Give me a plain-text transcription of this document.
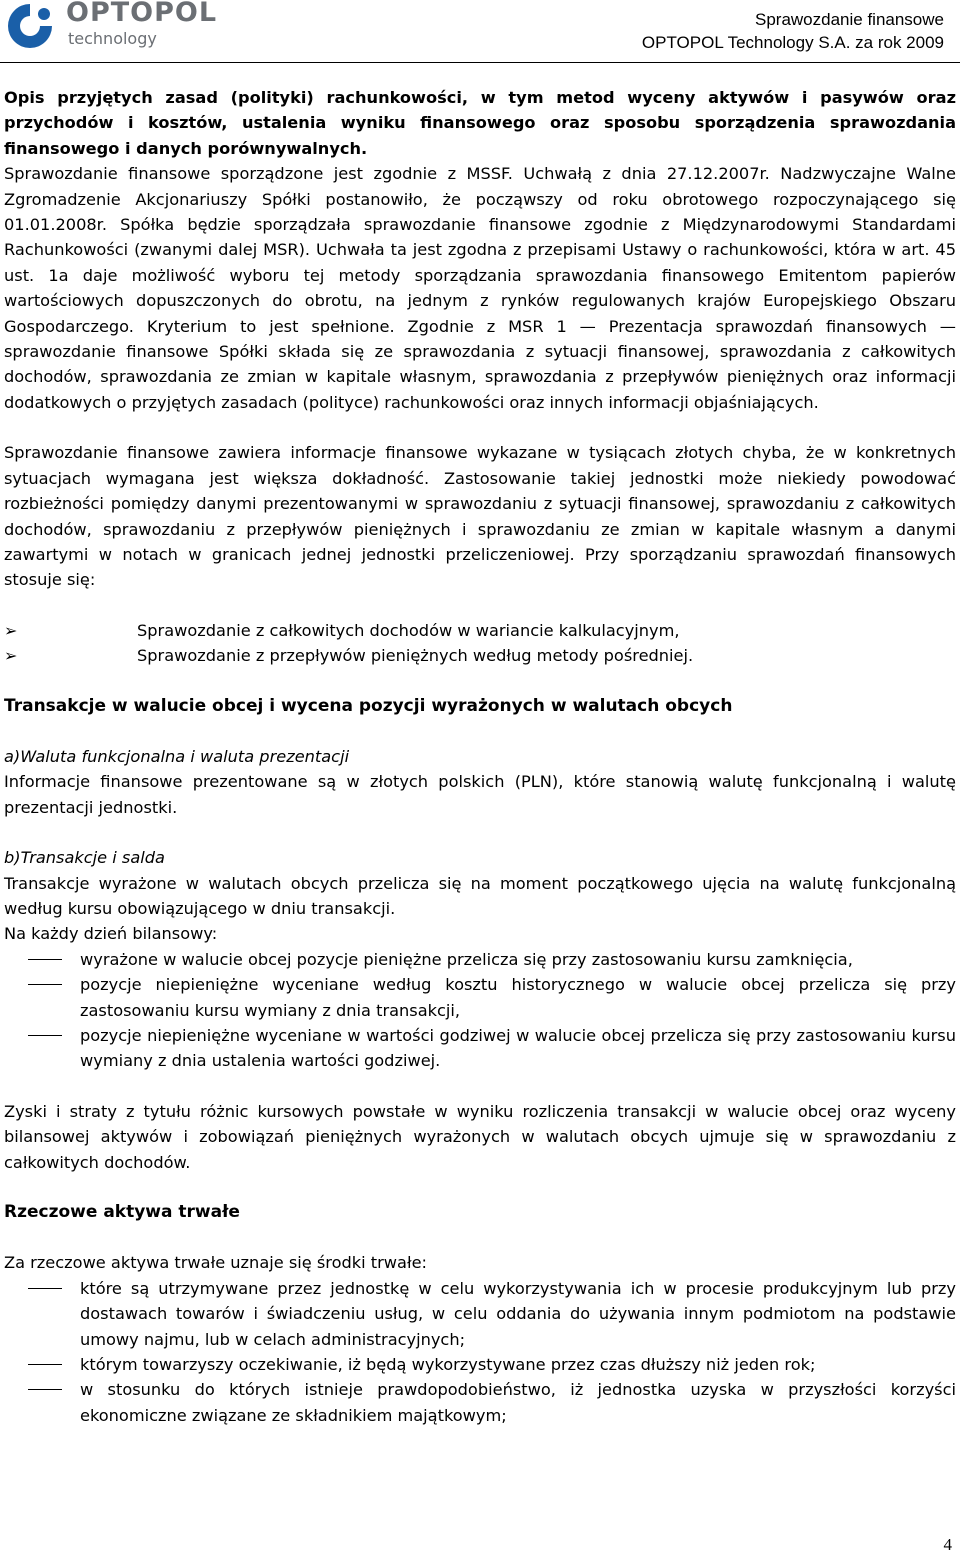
OPTOPOL
technology
Sprawozdanie finansowe
OPTOPOL Technology S.A. za rok 2009

Opis przyjętych zasad (polityki) rachunkowości, w tym metod wyceny aktywów i pasywów oraz przychodów i kosztów, ustalenia wyniku finansowego oraz sposobu sporządzenia sprawozdania finansowego i danych porównywalnych.

Sprawozdanie finansowe sporządzone jest zgodnie z MSSF. Uchwałą z dnia 27.12.2007r. Nadzwyczajne Walne Zgromadzenie Akcjonariuszy Spółki postanowiło, że począwszy od roku obrotowego rozpoczynającego się 01.01.2008r. Spółka będzie sporządzała sprawozdanie finansowe zgodnie z Międzynarodowymi Standardami Rachunkowości (zwanymi dalej MSR). Uchwała ta jest zgodna z przepisami Ustawy o rachunkowości, która w art. 45 ust. 1a daje możliwość wyboru tej metody sporządzania sprawozdania finansowego Emitentom papierów wartościowych dopuszczonych do obrotu, na jednym z rynków regulowanych krajów Europejskiego Obszaru Gospodarczego. Kryterium to jest spełnione. Zgodnie z MSR 1 — Prezentacja sprawozdań finansowych — sprawozdanie finansowe Spółki składa się ze sprawozdania z sytuacji finansowej, sprawozdania z całkowitych dochodów, sprawozdania ze zmian w kapitale własnym, sprawozdania z przepływów pieniężnych oraz informacji dodatkowych o przyjętych zasadach (polityce) rachunkowości oraz innych informacji objaśniających.

Sprawozdanie finansowe zawiera informacje finansowe wykazane w tysiącach złotych chyba, że w konkretnych sytuacjach wymagana jest większa dokładność. Zastosowanie takiej jednostki może niekiedy powodować rozbieżności pomiędzy danymi prezentowanymi w sprawozdaniu z sytuacji finansowej, sprawozdaniu z całkowitych dochodów, sprawozdaniu z przepływów pieniężnych i sprawozdaniu ze zmian w kapitale własnym a danymi zawartymi w notach w granicach jednej jednostki przeliczeniowej. Przy sporządzaniu sprawozdań finansowych stosuje się:

➢	Sprawozdanie z całkowitych dochodów w wariancie kalkulacyjnym,
➢	Sprawozdanie z przepływów pieniężnych według metody pośredniej.

Transakcje w walucie obcej i wycena pozycji wyrażonych w walutach obcych

a)Waluta funkcjonalna i waluta prezentacji

Informacje finansowe prezentowane są w złotych polskich (PLN), które stanowią walutę funkcjonalną i walutę prezentacji jednostki.

b)Transakcje i salda

Transakcje wyrażone w walutach obcych przelicza się na moment początkowego ujęcia na walutę funkcjonalną według kursu obowiązującego w dniu transakcji.

Na każdy dzień bilansowy:

wyrażone w walucie obcej pozycje pieniężne przelicza się przy zastosowaniu kursu zamknięcia,
pozycje niepieniężne wyceniane według kosztu historycznego w walucie obcej przelicza się przy zastosowaniu kursu wymiany z dnia transakcji,
pozycje niepieniężne wyceniane w wartości godziwej w walucie obcej przelicza się przy zastosowaniu kursu wymiany z dnia ustalenia wartości godziwej.

Zyski i straty z tytułu różnic kursowych powstałe w wyniku rozliczenia transakcji w walucie obcej oraz wyceny bilansowej aktywów i zobowiązań pieniężnych wyrażonych w walutach obcych ujmuje się w sprawozdaniu z całkowitych dochodów.

Rzeczowe aktywa trwałe

Za rzeczowe aktywa trwałe uznaje się środki trwałe:

które są utrzymywane przez jednostkę w celu wykorzystywania ich w procesie produkcyjnym lub przy dostawach towarów i świadczeniu usług, w celu oddania do używania innym podmiotom na podstawie umowy najmu, lub w celach administracyjnych;
którym towarzyszy oczekiwanie, iż będą wykorzystywane przez czas dłuższy niż jeden rok;
w stosunku do których istnieje prawdopodobieństwo, iż jednostka uzyska w przyszłości korzyści ekonomiczne związane ze składnikiem majątkowym;
4
